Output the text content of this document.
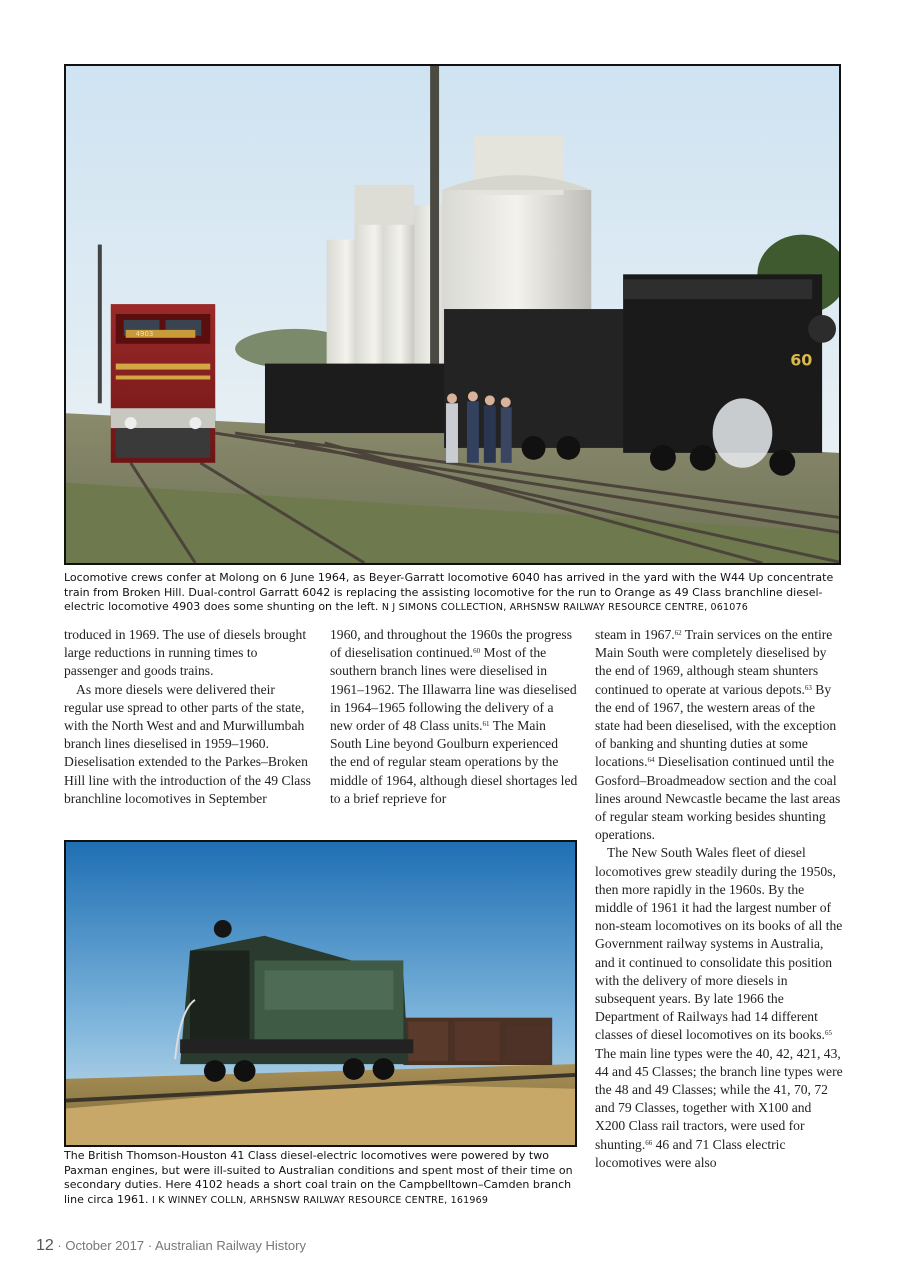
60
4903
Locomotive crews confer at Molong on 6 June 1964, as Beyer-Garratt locomotive 6040 has arrived in the yard with the W44 Up concentrate train from Broken Hill. Dual-control Garratt 6042 is replacing the assisting locomotive for the run to Orange as 49 Class branchline diesel-electric locomotive 4903 does some shunting on the left. N J SIMONS COLLECTION, ARHSNSW RAILWAY RESOURCE CENTRE, 061076

troduced in 1969. The use of diesels brought large reductions in running times to passenger and goods trains.

As more diesels were delivered their regular use spread to other parts of the state, with the North West and and Murwillumbah branch lines dieselised in 1959–1960. Dieselisation extended to the Parkes–Broken Hill line with the introduction of the 49 Class branchline locomotives in September

1960, and throughout the 1960s the progress of dieselisation continued.$^{60}$ Most of the southern branch lines were dieselised in 1961–1962. The Illawarra line was dieselised in 1964–1965 following the delivery of a new order of 48 Class units.$^{61}$ The Main South Line beyond Goulburn experienced the end of regular steam operations by the middle of 1964, although diesel shortages led to a brief reprieve for

The British Thomson-Houston 41 Class diesel-electric locomotives were powered by two Paxman engines, but were ill-suited to Australian conditions and spent most of their time on secondary duties. Here 4102 heads a short coal train on the Campbelltown–Camden branch line circa 1961. I K WINNEY COLLN, ARHSNSW RAILWAY RESOURCE CENTRE, 161969

steam in 1967.62 Train services on the entire Main South were completely dieselised by the end of 1969, although steam shunters continued to operate at various depots.$^{63}$ By the end of 1967, the western areas of the state had been dieselised, with the exception of banking and shunting duties at some locations.$^{64}$ Dieselisation continued until the Gosford–Broadmeadow section and the coal lines around Newcastle became the last areas of regular steam working besides shunting operations.

The New South Wales fleet of diesel locomotives grew steadily during the 1950s, then more rapidly in the 1960s. By the middle of 1961 it had the largest number of non-steam locomotives on its books of all the Government railway systems in Australia, and it continued to consolidate this position with the delivery of more diesels in subsequent years. By late 1966 the Department of Railways had 14 different classes of diesel locomotives on its books.$^{65}$ The main line types were the 40, 42, 421, 43, 44 and 45 Classes; the branch line types were the 48 and 49 Classes; while the 41, 70, 72 and 79 Classes, together with X100 and X200 Class rail tractors, were used for shunting.$^{66}$ 46 and 71 Class electric locomotives were also

12 · October 2017 · Australian Railway History
